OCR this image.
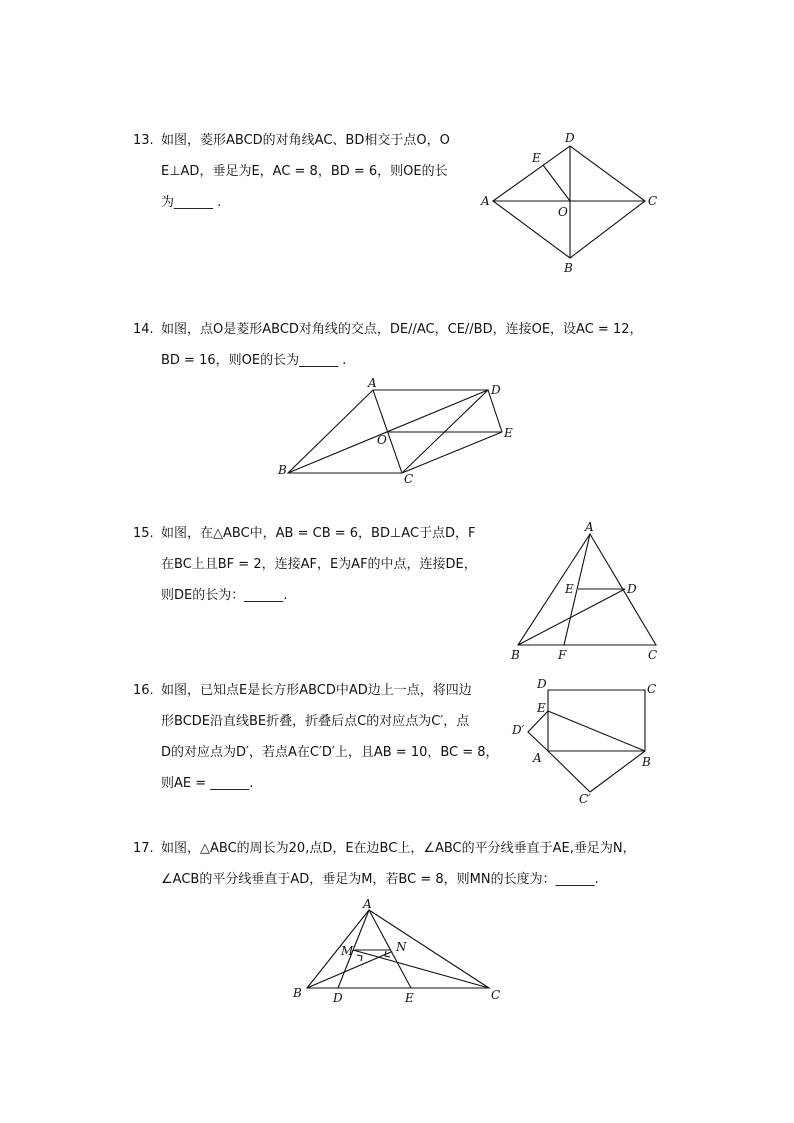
13. 如图，菱形ABCD的对角线AC、BD相交于点O，O
E⊥AD，垂足为E，AC = 8，BD = 6，则OE的长
为______ .
D
E
A
O
C
B
14. 如图，点O是菱形ABCD对角线的交点，DE//AC，CE//BD，连接OE，设AC = 12，
BD = 16，则OE的长为______ .
A	D
O	E
B
C
15. 如图，在△ABC中，AB = CB = 6，BD⊥AC于点D，F
在BC上且BF = 2，连接AF，E为AF的中点，连接DE，
则DE的长为：______.
A
E	D
B	F	C
16. 如图，已知点E是长方形ABCD中AD边上一点，将四边
形BCDE沿直线BE折叠，折叠后点C的对应点为C′，点
D的对应点为D′，若点A在C′D′上，且AB = 10，BC = 8，
则AE = ______.
D	C
E
D′
A	B
C′
17. 如图，△ABC的周长为20,点D，E在边BC上，∠ABC的平分线垂直于AE,垂足为N，
∠ACB的平分线垂直于AD，垂足为M，若BC = 8，则MN的长度为：______.
A
M	N
B	D	E	C
